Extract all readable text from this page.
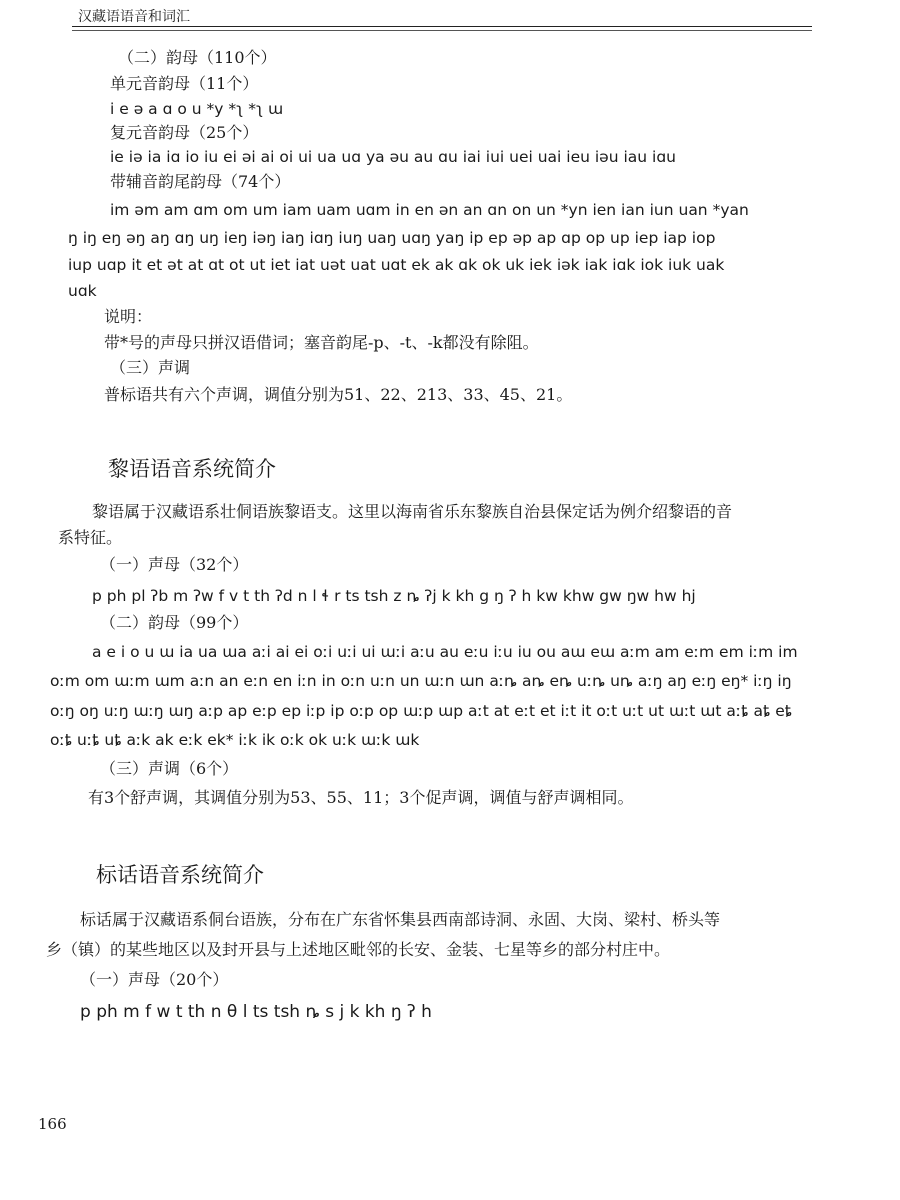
汉藏语语音和词汇
（二）韵母（110个）
单元音韵母（11个）
i e ə a ɑ o u *y *ʅ *ʅ ɯ
复元音韵母（25个）
ie iə ia iɑ io iu ei əi ai oi ui ua uɑ ya əu au ɑu iai iui uei uai ieu iəu iau iɑu
带辅音韵尾韵母（74个）
im əm am ɑm om um iam uam uɑm in en ən an ɑn on un *yn ien ian iun uan *yan
ŋ iŋ eŋ əŋ aŋ ɑŋ uŋ ieŋ iəŋ iaŋ iɑŋ iuŋ uaŋ uɑŋ yaŋ ip ep əp ap ɑp op up iep iap iop
iup uɑp it et ət at ɑt ot ut iet iat uət uat uɑt ek ak ɑk ok uk iek iək iak iɑk iok iuk uak
uɑk
说明：
带*号的声母只拼汉语借词；塞音韵尾-p、-t、-k都没有除阻。
（三）声调
普标语共有六个声调，调值分别为51、22、213、33、45、21。
黎语语音系统简介
黎语属于汉藏语系壮侗语族黎语支。这里以海南省乐东黎族自治县保定话为例介绍黎语的音
系特征。
（一）声母（32个）
p ph pl ʔb m ʔw f v t th ʔd n l ɬ r ts tsh z ȵ ʔj k kh g ŋ ʔ h kw khw gw ŋw hw hj
（二）韵母（99个）
a e i o u ɯ ia ua ɯa aːi ai ei oːi uːi ui ɯːi aːu au eːu iːu iu ou aɯ eɯ aːm am eːm em iːm im
oːm om ɯːm ɯm aːn an eːn en iːn in oːn uːn un ɯːn ɯn aːȵ aȵ eȵ uːȵ uȵ aːŋ aŋ eːŋ eŋ* iːŋ iŋ
oːŋ oŋ uːŋ ɯːŋ ɯŋ aːp ap eːp ep iːp ip oːp op ɯːp ɯp aːt at eːt et iːt it oːt uːt ut ɯːt ɯt aːȶ aȶ eȶ
oːȶ uːȶ uȶ aːk ak eːk ek* iːk ik oːk ok uːk ɯːk ɯk
（三）声调（6个）
有3个舒声调，其调值分别为53、55、11；3个促声调，调值与舒声调相同。
标话语音系统简介
标话属于汉藏语系侗台语族，分布在广东省怀集县西南部诗洞、永固、大岗、梁村、桥头等
乡（镇）的某些地区以及封开县与上述地区毗邻的长安、金装、七星等乡的部分村庄中。
（一）声母（20个）
p ph m f w t th n θ l ts tsh ȵ s j k kh ŋ ʔ h
166
